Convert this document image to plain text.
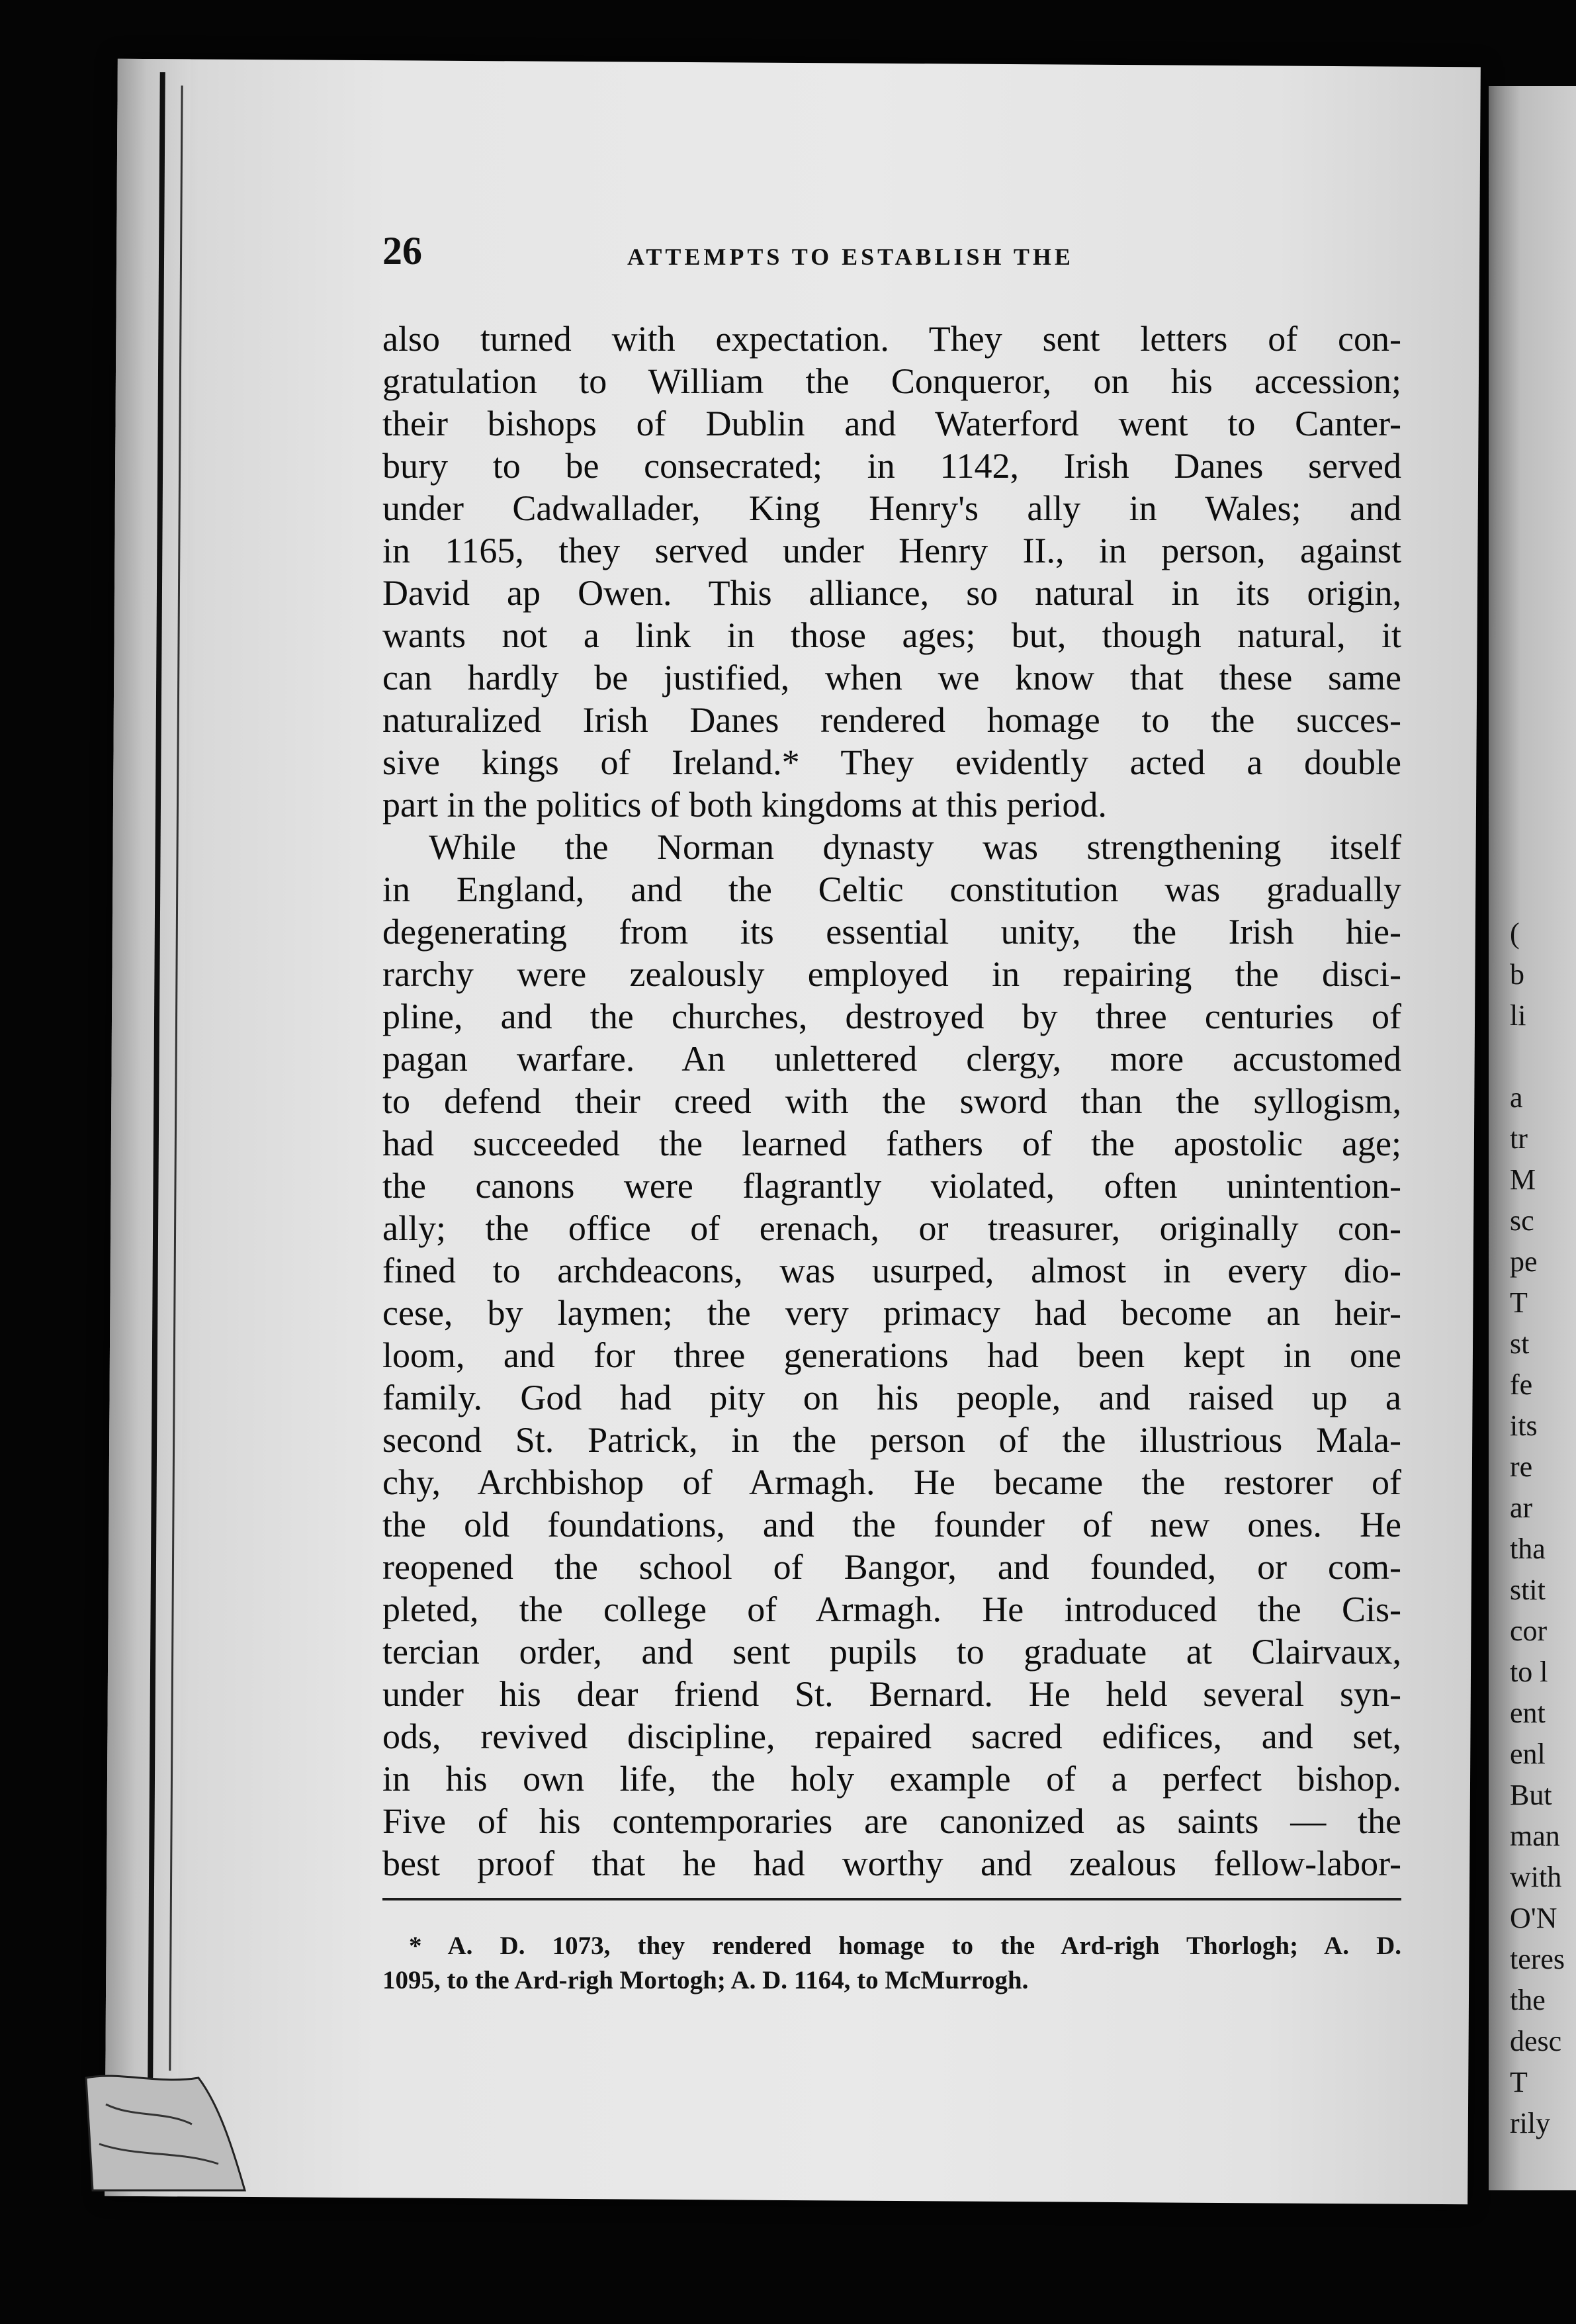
(
b
li

a
tr
M
sc
pe
T
st
fe
its
re
ar
tha
stit
cor
to l
ent
enl
But
man
with
O'N
teres
the
desc
T
rily
26	ATTEMPTS TO ESTABLISH THE
also turned with expectation. They sent letters of con-
gratulation to William the Conqueror, on his accession;
their bishops of Dublin and Waterford went to Canter-
bury to be consecrated; in 1142, Irish Danes served
under Cadwallader, King Henry's ally in Wales; and
in 1165, they served under Henry II., in person, against
David ap Owen. This alliance, so natural in its origin,
wants not a link in those ages; but, though natural, it
can hardly be justified, when we know that these same
naturalized Irish Danes rendered homage to the succes-
sive kings of Ireland.* They evidently acted a double
part in the politics of both kingdoms at this period.
While the Norman dynasty was strengthening itself
in England, and the Celtic constitution was gradually
degenerating from its essential unity, the Irish hie-
rarchy were zealously employed in repairing the disci-
pline, and the churches, destroyed by three centuries of
pagan warfare. An unlettered clergy, more accustomed
to defend their creed with the sword than the syllogism,
had succeeded the learned fathers of the apostolic age;
the canons were flagrantly violated, often unintention-
ally; the office of erenach, or treasurer, originally con-
fined to archdeacons, was usurped, almost in every dio-
cese, by laymen; the very primacy had become an heir-
loom, and for three generations had been kept in one
family. God had pity on his people, and raised up a
second St. Patrick, in the person of the illustrious Mala-
chy, Archbishop of Armagh. He became the restorer of
the old foundations, and the founder of new ones. He
reopened the school of Bangor, and founded, or com-
pleted, the college of Armagh. He introduced the Cis-
tercian order, and sent pupils to graduate at Clairvaux,
under his dear friend St. Bernard. He held several syn-
ods, revived discipline, repaired sacred edifices, and set,
in his own life, the holy example of a perfect bishop.
Five of his contemporaries are canonized as saints — the
best proof that he had worthy and zealous fellow-labor-
* A. D. 1073, they rendered homage to the Ard-righ Thorlogh; A. D.
1095, to the Ard-righ Mortogh; A. D. 1164, to McMurrogh.
